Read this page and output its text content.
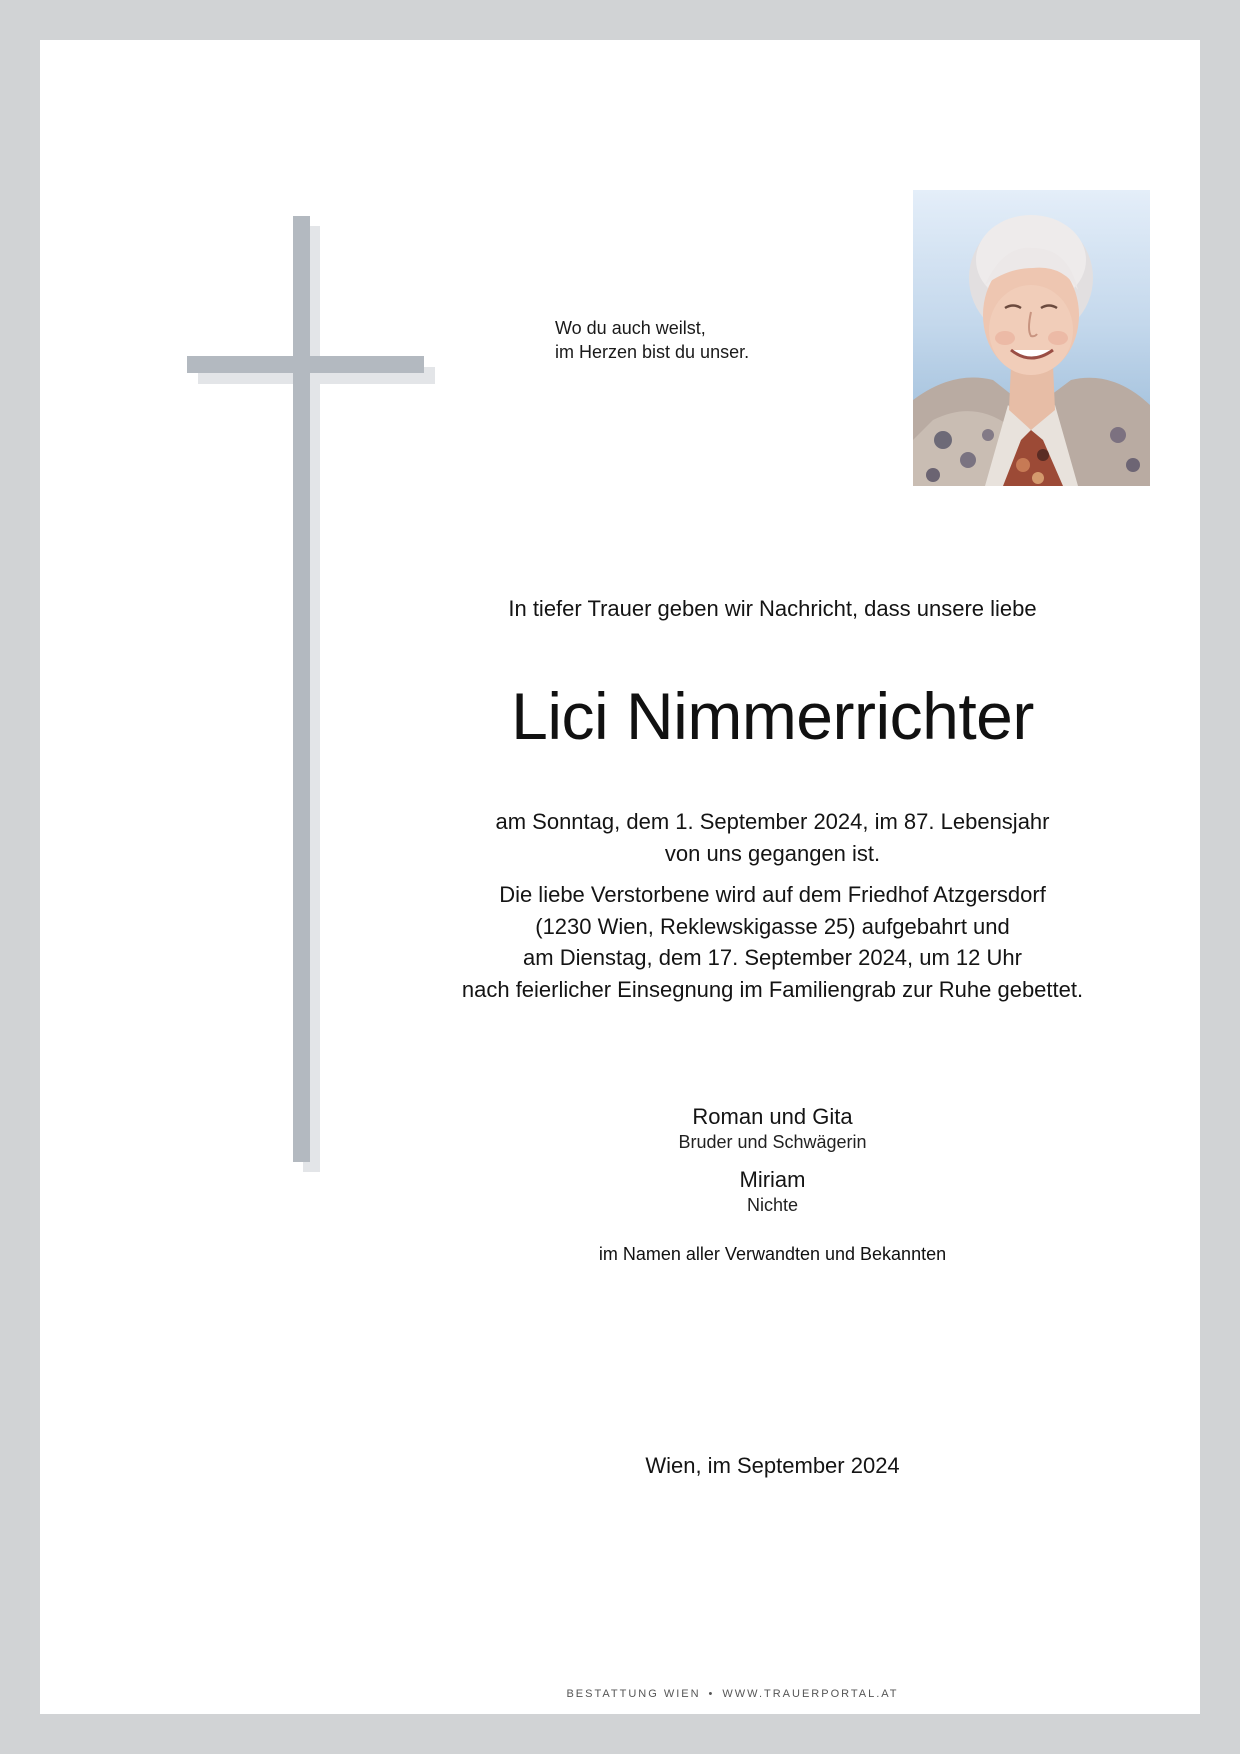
Wo du auch weilst,
im Herzen bist du unser.
In tiefer Trauer geben wir Nachricht, dass unsere liebe
Lici Nimmerrichter
am Sonntag, dem 1. September 2024, im 87. Lebensjahr
von uns gegangen ist.
Die liebe Verstorbene wird auf dem Friedhof Atzgersdorf
(1230 Wien, Reklewskigasse 25) aufgebahrt und
am Dienstag, dem 17. September 2024, um 12 Uhr
nach feierlicher Einsegnung im Familiengrab zur Ruhe gebettet.
Roman und Gita
Bruder und Schwägerin
Miriam
Nichte
im Namen aller Verwandten und Bekannten
Wien, im September 2024
BESTATTUNG WIEN • WWW.TRAUERPORTAL.AT
